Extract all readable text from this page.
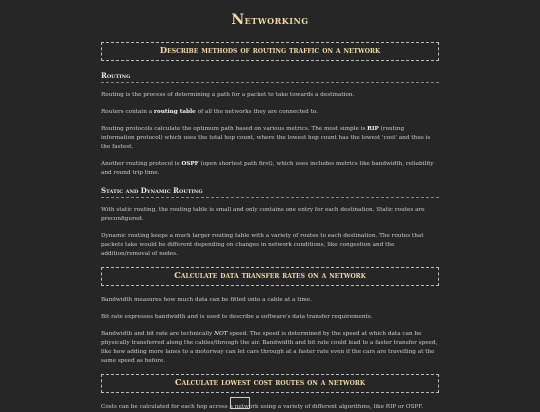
Networking
Describe methods of routing traffic on a network
Routing

Routing is the process of determining a path for a packet to take towards a destination.

Routers contain a routing table of all the networks they are connected to.

Routing protocols calculate the optimum path based on various metrics. The most simple is RIP (routing information protocol) which uses the total hop count, where the lowest hop count has the lowest 'cost' and thus is the fastest.

Another routing protocol is OSPF (open shortest path first), which uses includes metrics like bandwidth, reliability and round trip time.

Static and Dynamic Routing

With static routing, the routing table is small and only contains one entry for each destination. Static routes are preconfigured.

Dynamic routing keeps a much larger routing table with a variety of routes to each destination. The routes that packets take would be different depending on changes in network conditions, like congestion and the addition/removal of nodes.

Calculate data transfer rates on a network

Bandwidth measures how much data can be fitted onto a cable at a time.

Bit rate expresses bandwidth and is used to describe a software's data transfer requirements.

Bandwidth and bit rate are technically NOT speed. The speed is determined by the speed at which data can be physically transferred along the cables/through the air. Bandwidth and bit rate could lead to a faster transfer speed, like how adding more lanes to a motorway can let cars through at a faster rate even if the cars are travelling at the same speed as before.

Calculate lowest cost routes on a network

Costs can be calculated for each hop across a network using a variety of different algorithms, like RIP or OSPF.
